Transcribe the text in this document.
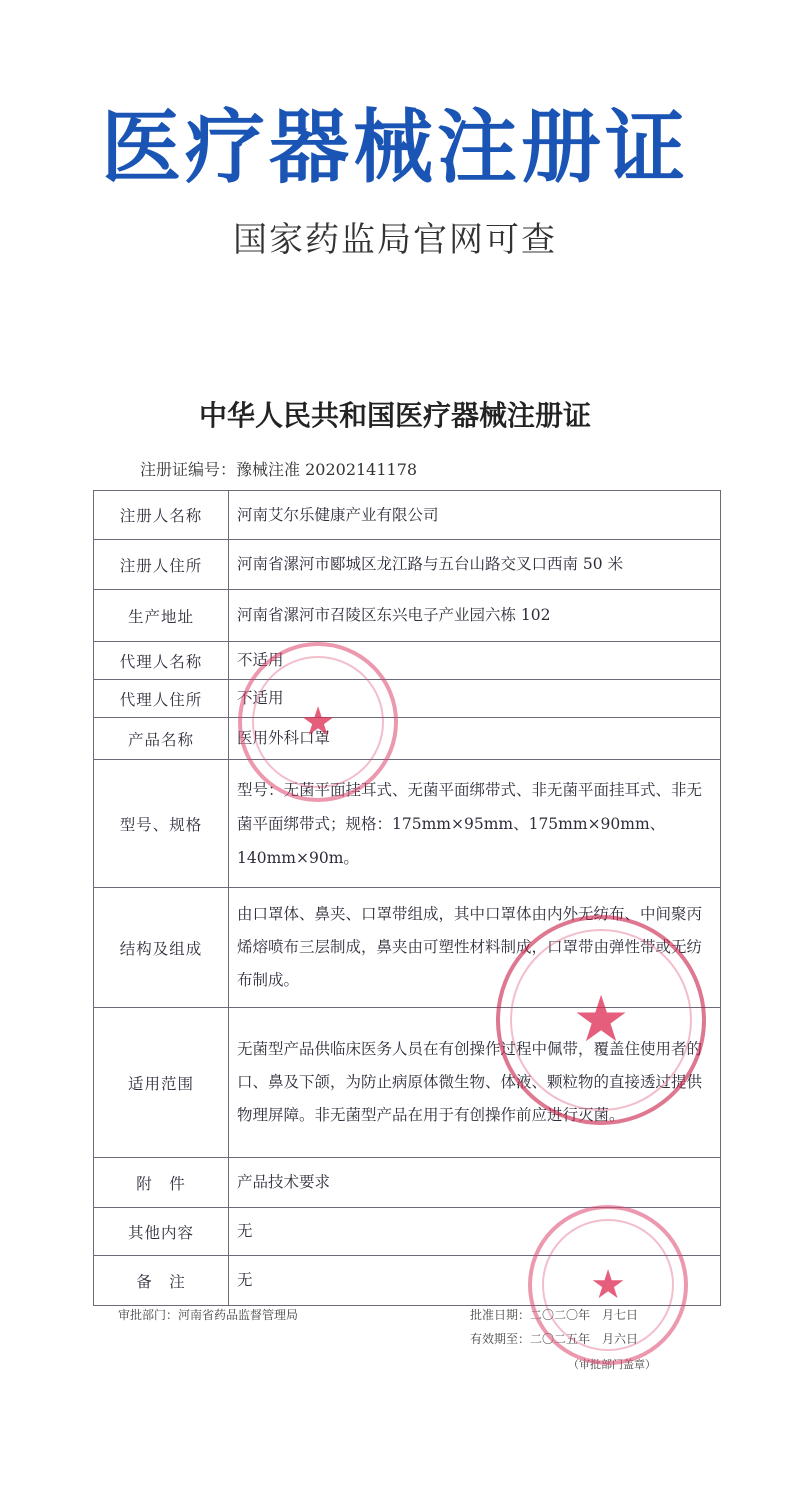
医疗器械注册证
国家药监局官网可查
中华人民共和国医疗器械注册证
注册证编号：豫械注准 20202141178
注册人名称	河南艾尔乐健康产业有限公司
注册人住所	河南省漯河市郾城区龙江路与五台山路交叉口西南 50 米
生产地址	河南省漯河市召陵区东兴电子产业园六栋 102
代理人名称	不适用
代理人住所	不适用
产品名称	医用外科口罩
型号、规格	型号：无菌平面挂耳式、无菌平面绑带式、非无菌平面挂耳式、非无菌平面绑带式；规格：175mm×95mm、175mm×90mm、140mm×90m。
结构及组成	由口罩体、鼻夹、口罩带组成，其中口罩体由内外无纺布、中间聚丙烯熔喷布三层制成，鼻夹由可塑性材料制成，口罩带由弹性带或无纺布制成。
适用范围	无菌型产品供临床医务人员在有创操作过程中佩带，覆盖住使用者的口、鼻及下颌，为防止病原体微生物、体液、颗粒物的直接透过提供物理屏障。非无菌型产品在用于有创操作前应进行灭菌。
附　件	产品技术要求
其他内容	无
备　注	无
审批部门：河南省药品监督管理局	批准日期：二〇二〇年　月七日
有效期至：二〇二五年　月六日
（审批部门盖章）
★
★
★
